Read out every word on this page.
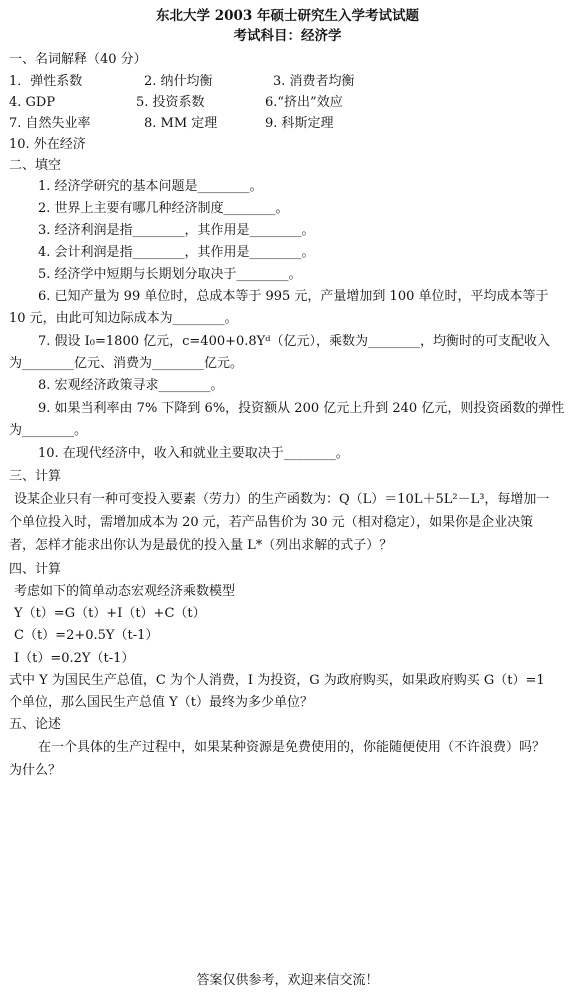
东北大学 2003 年硕士研究生入学考试试题
考试科目：经济学
一、名词解释（40 分）
1．弹性系数	2. 纳什均衡	3. 消费者均衡
4. GDP	5. 投资系数	6.“挤出”效应
7. 自然失业率	8. MM 定理	9. 科斯定理
10. 外在经济
二、填空
1. 经济学研究的基本问题是________。
2. 世界上主要有哪几种经济制度________。
3. 经济利润是指________，其作用是________。
4. 会计利润是指________，其作用是________。
5. 经济学中短期与长期划分取决于________。
6. 已知产量为 99 单位时，总成本等于 995 元，产量增加到 100 单位时，平均成本等于
10 元，由此可知边际成本为________。
7. 假设 I₀=1800 亿元，c=400+0.8Yᵈ（亿元），乘数为________，均衡时的可支配收入
为________亿元、消费为________亿元。
8. 宏观经济政策寻求________。
9. 如果当利率由 7% 下降到 6%，投资额从 200 亿元上升到 240 亿元，则投资函数的弹性
为________。
10. 在现代经济中，收入和就业主要取决于________。
三、计算
设某企业只有一种可变投入要素（劳力）的生产函数为：Q（L）＝10L＋5L²－L³，每增加一
个单位投入时，需增加成本为 20 元，若产品售价为 30 元（相对稳定），如果你是企业决策
者，怎样才能求出你认为是最优的投入量 L*（列出求解的式子）？
四、计算
考虑如下的简单动态宏观经济乘数模型
Y（t）=G（t）+I（t）+C（t）
C（t）=2+0.5Y（t-1）
I（t）=0.2Y（t-1）
式中 Y 为国民生产总值，C 为个人消费，I 为投资，G 为政府购买，如果政府购买 G（t）=1
个单位，那么国民生产总值 Y（t）最终为多少单位？
五、论述
在一个具体的生产过程中，如果某种资源是免费使用的，你能随便使用（不许浪费）吗？
为什么？
答案仅供参考，欢迎来信交流！
